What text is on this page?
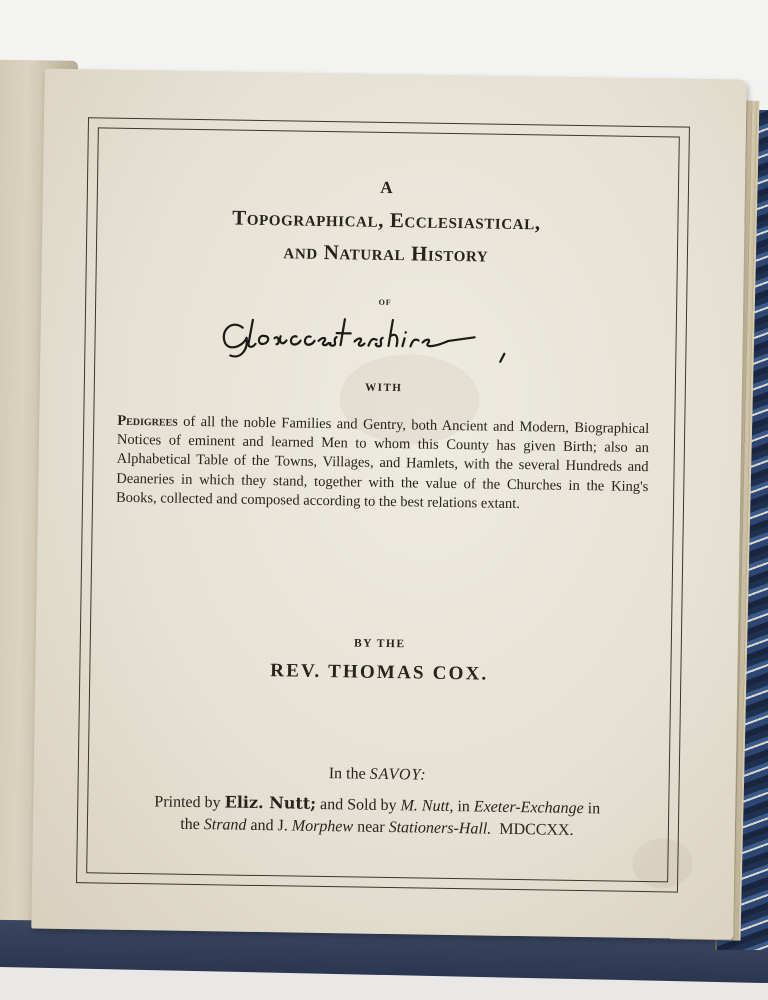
A
Topographical, Ecclesiastical,
and Natural History
OF
WITH
Pedigrees of all the noble Families and Gentry, both Ancient and Modern, Biographical Notices of eminent and learned Men to whom this County has given Birth; also an Alphabetical Table of the Towns, Villages, and Hamlets, with the several Hundreds and Deaneries in which they stand, together with the value of the Churches in the King's Books, collected and composed according to the best relations extant.
BY THE
REV. THOMAS COX.
In the SAVOY:
Printed by Eliz. Nutt; and Sold by M. Nutt, in Exeter-Exchange in
the Strand and J. Morphew near Stationers-Hall. MDCCXX.
